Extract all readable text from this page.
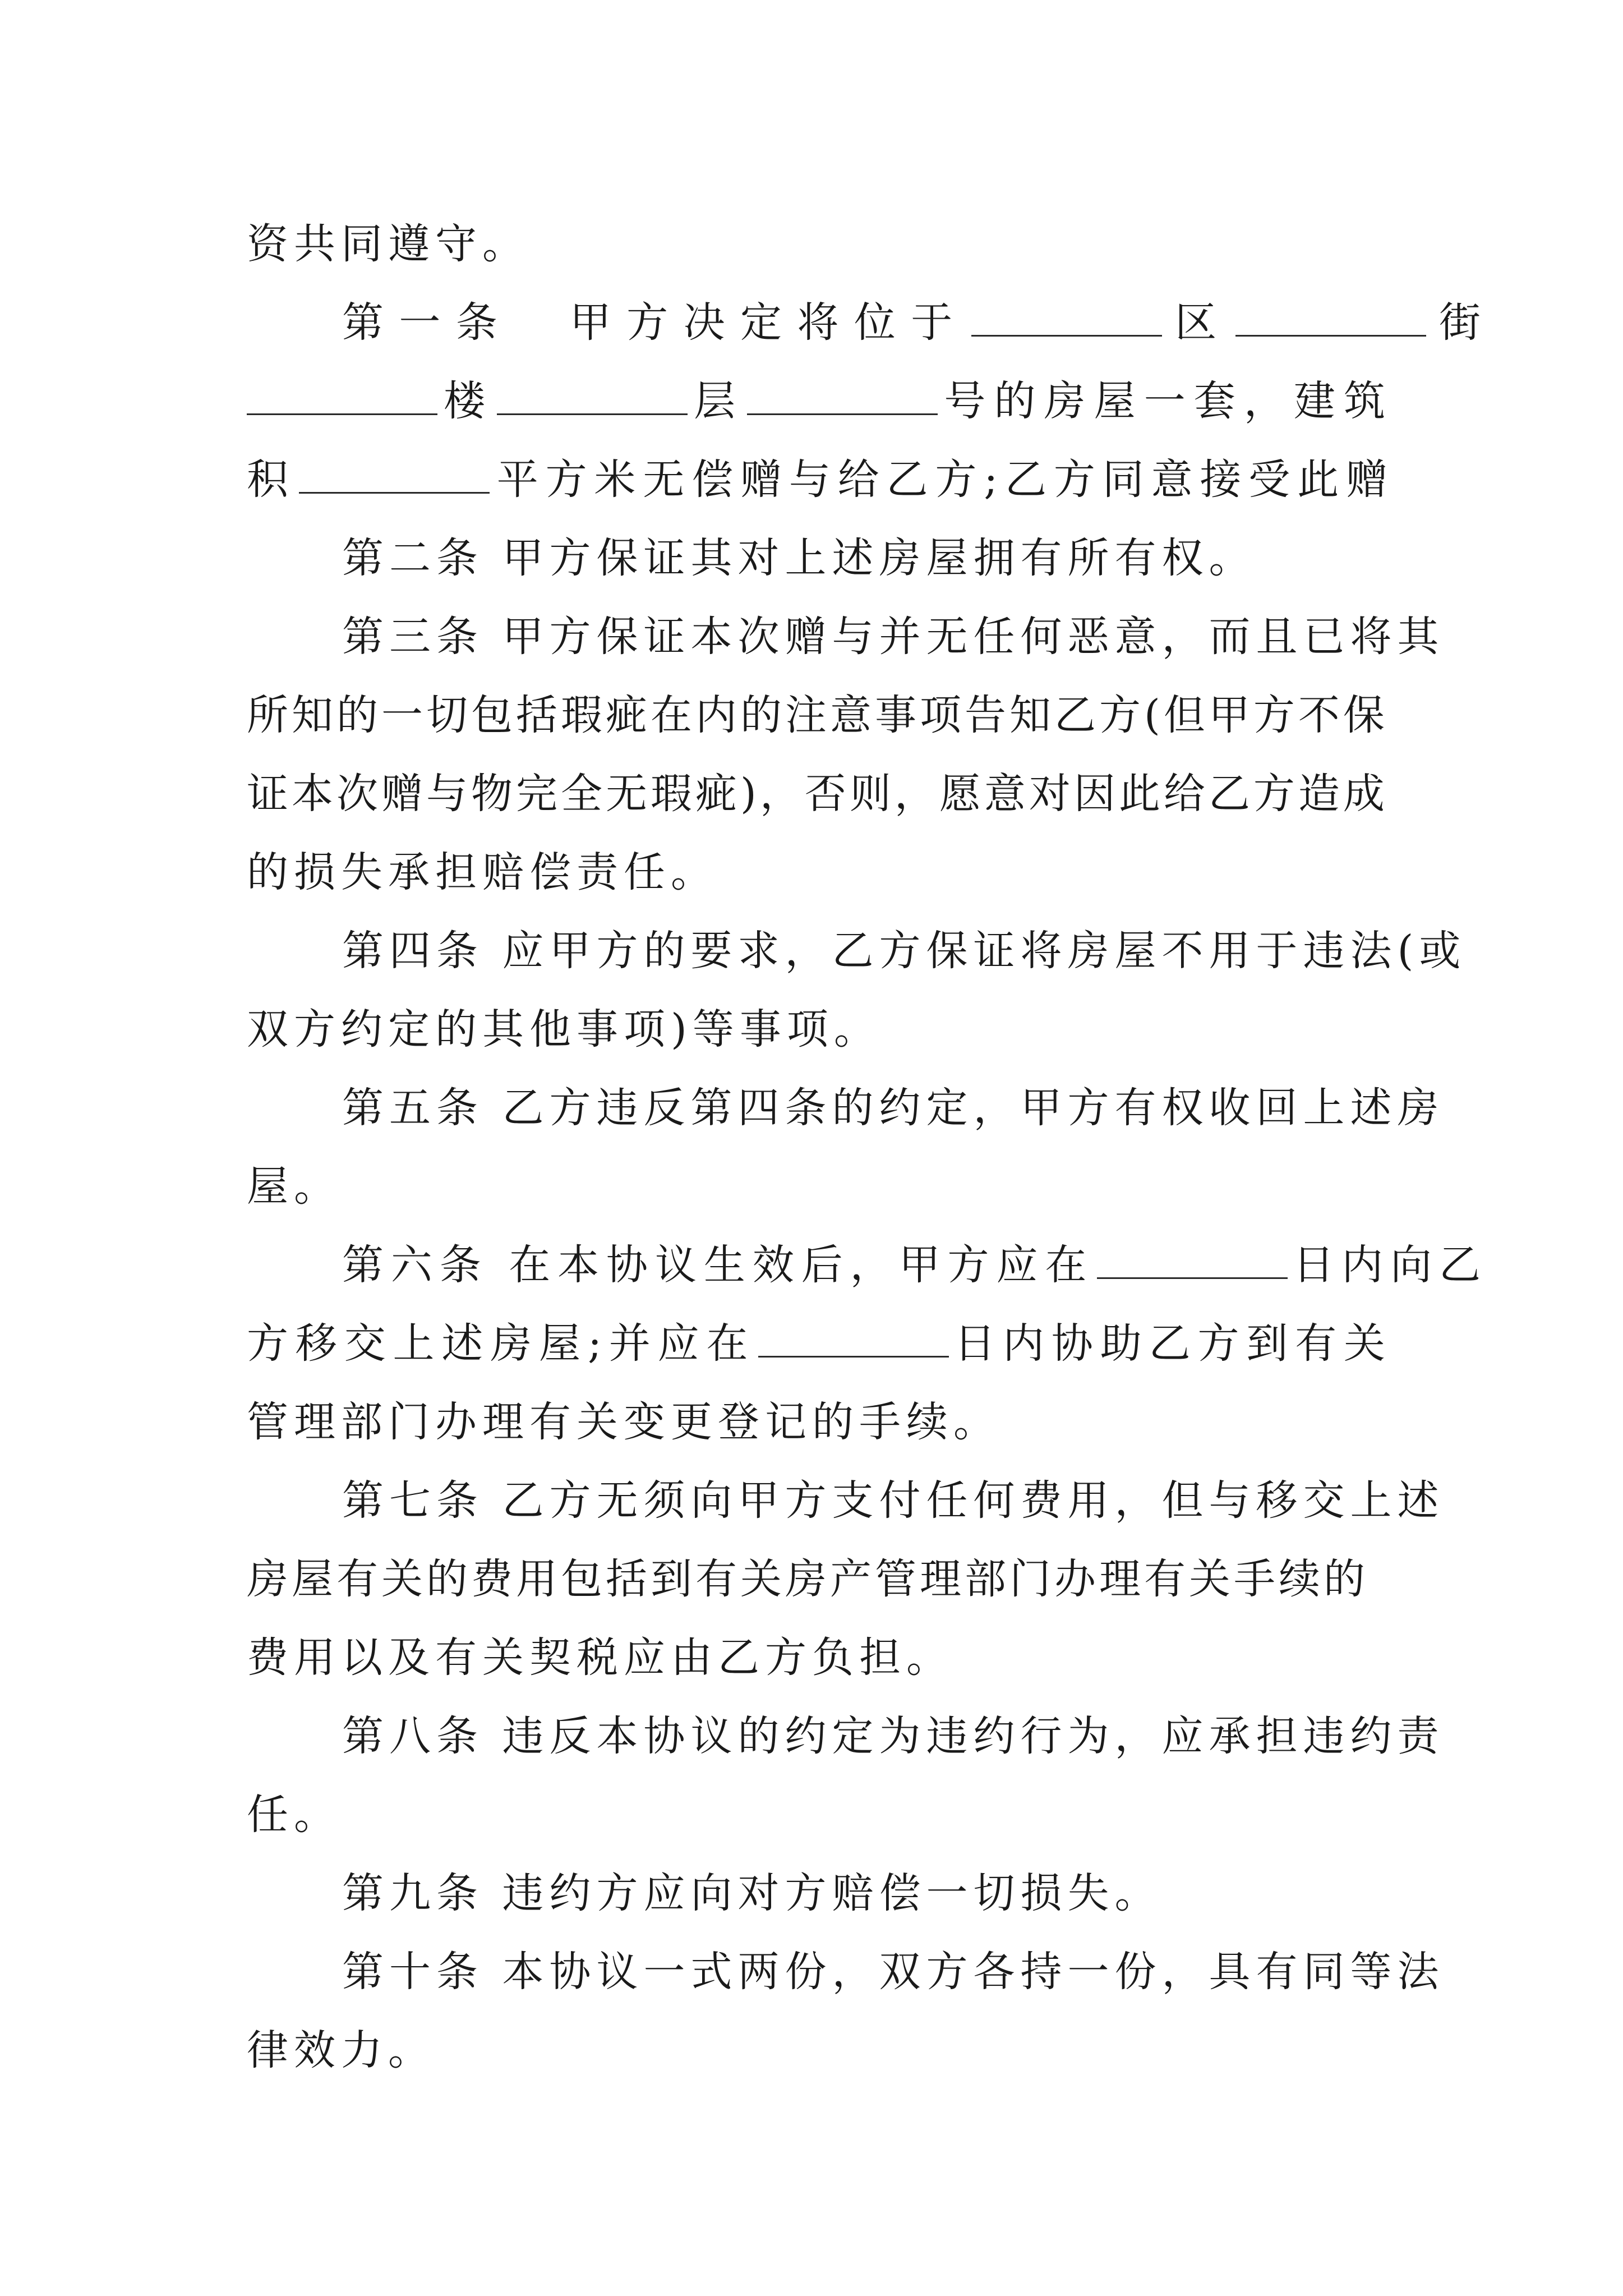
资共同遵守。
第一条　甲方决定将位于	区	街
楼	层	号的房屋一套，建筑
积	平方米无偿赠与给乙方;乙方同意接受此赠
第二条 甲方保证其对上述房屋拥有所有权。
第三条 甲方保证本次赠与并无任何恶意，而且已将其
所知的一切包括瑕疵在内的注意事项告知乙方(但甲方不保
证本次赠与物完全无瑕疵)，否则，愿意对因此给乙方造成
的损失承担赔偿责任。
第四条 应甲方的要求，乙方保证将房屋不用于违法(或
双方约定的其他事项)等事项。
第五条 乙方违反第四条的约定，甲方有权收回上述房
屋。
第六条 在本协议生效后，甲方应在	日内向乙
方移交上述房屋;并应在	日内协助乙方到有关
管理部门办理有关变更登记的手续。
第七条 乙方无须向甲方支付任何费用，但与移交上述
房屋有关的费用包括到有关房产管理部门办理有关手续的
费用以及有关契税应由乙方负担。
第八条 违反本协议的约定为违约行为，应承担违约责
任。
第九条 违约方应向对方赔偿一切损失。
第十条 本协议一式两份，双方各持一份，具有同等法
律效力。
